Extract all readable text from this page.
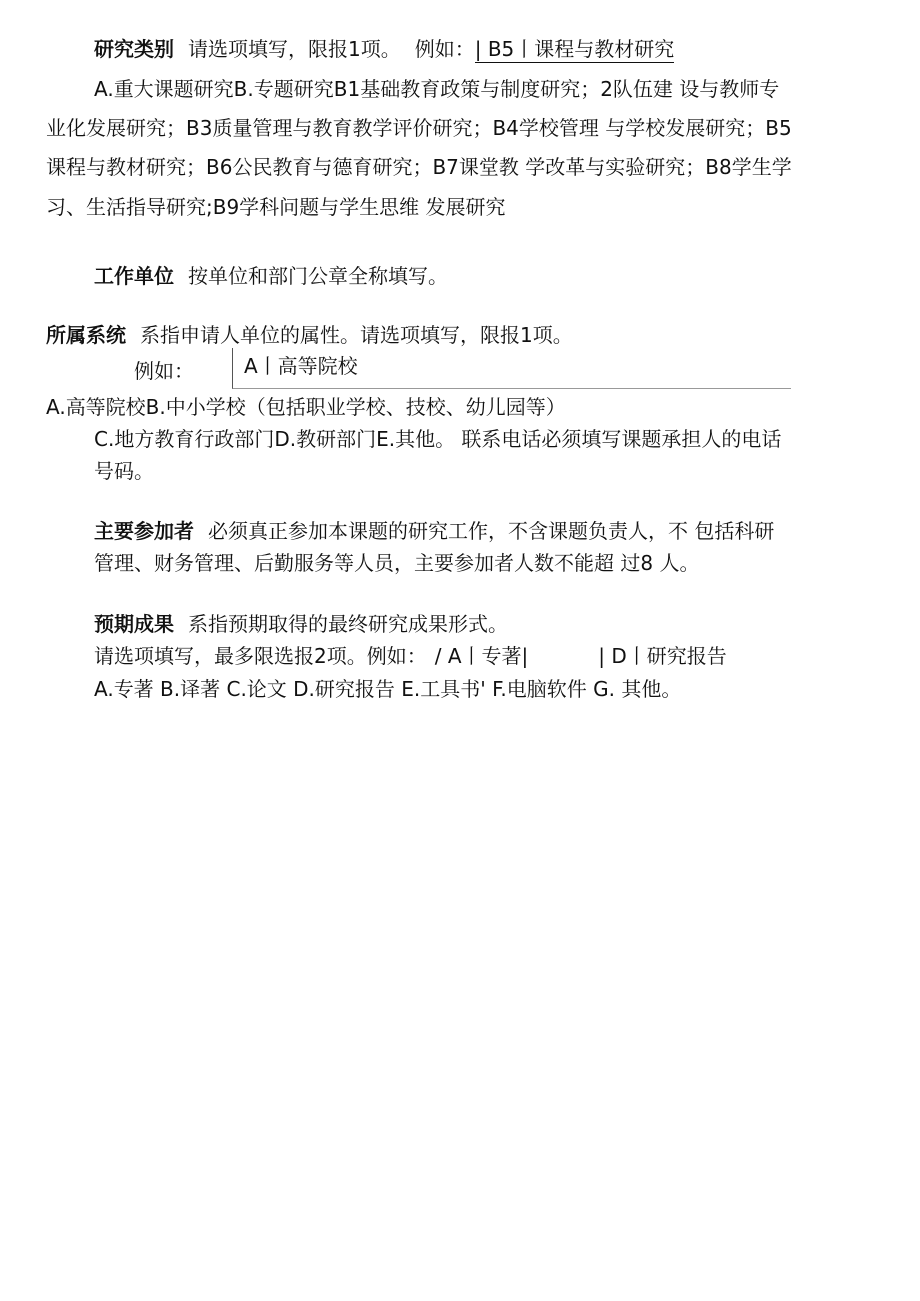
研究类别 请选项填写，限报1项。 例如：| B5丨课程与教材研究
A.重大课题研究B.专题研究B1基础教育政策与制度研究；2队伍建 设与教师专
业化发展研究；B3质量管理与教育教学评价研究；B4学校管理 与学校发展研究；B5
课程与教材研究；B6公民教育与德育研究；B7课堂教 学改革与实验研究；B8学生学
习、生活指导研究;B9学科问题与学生思维 发展研究
工作单位 按单位和部门公章全称填写。
所属系统 系指申请人单位的属性。请选项填写，限报1项。
例如：	A丨高等院校
A.高等院校B.中小学校（包括职业学校、技校、幼儿园等）
C.地方教育行政部门D.教研部门E.其他。 联系电话必须填写课题承担人的电话
号码。
主要参加者 必须真正参加本课题的研究工作，不含课题负责人，不 包括科研
管理、财务管理、后勤服务等人员，主要参加者人数不能超 过8 人。
预期成果 系指预期取得的最终研究成果形式。
请选项填写，最多限选报2项。例如： / A丨专著|	| D丨研究报告
A.专著 B.译著 C.论文 D.研究报告 E.工具书' F.电脑软件 G. 其他。
